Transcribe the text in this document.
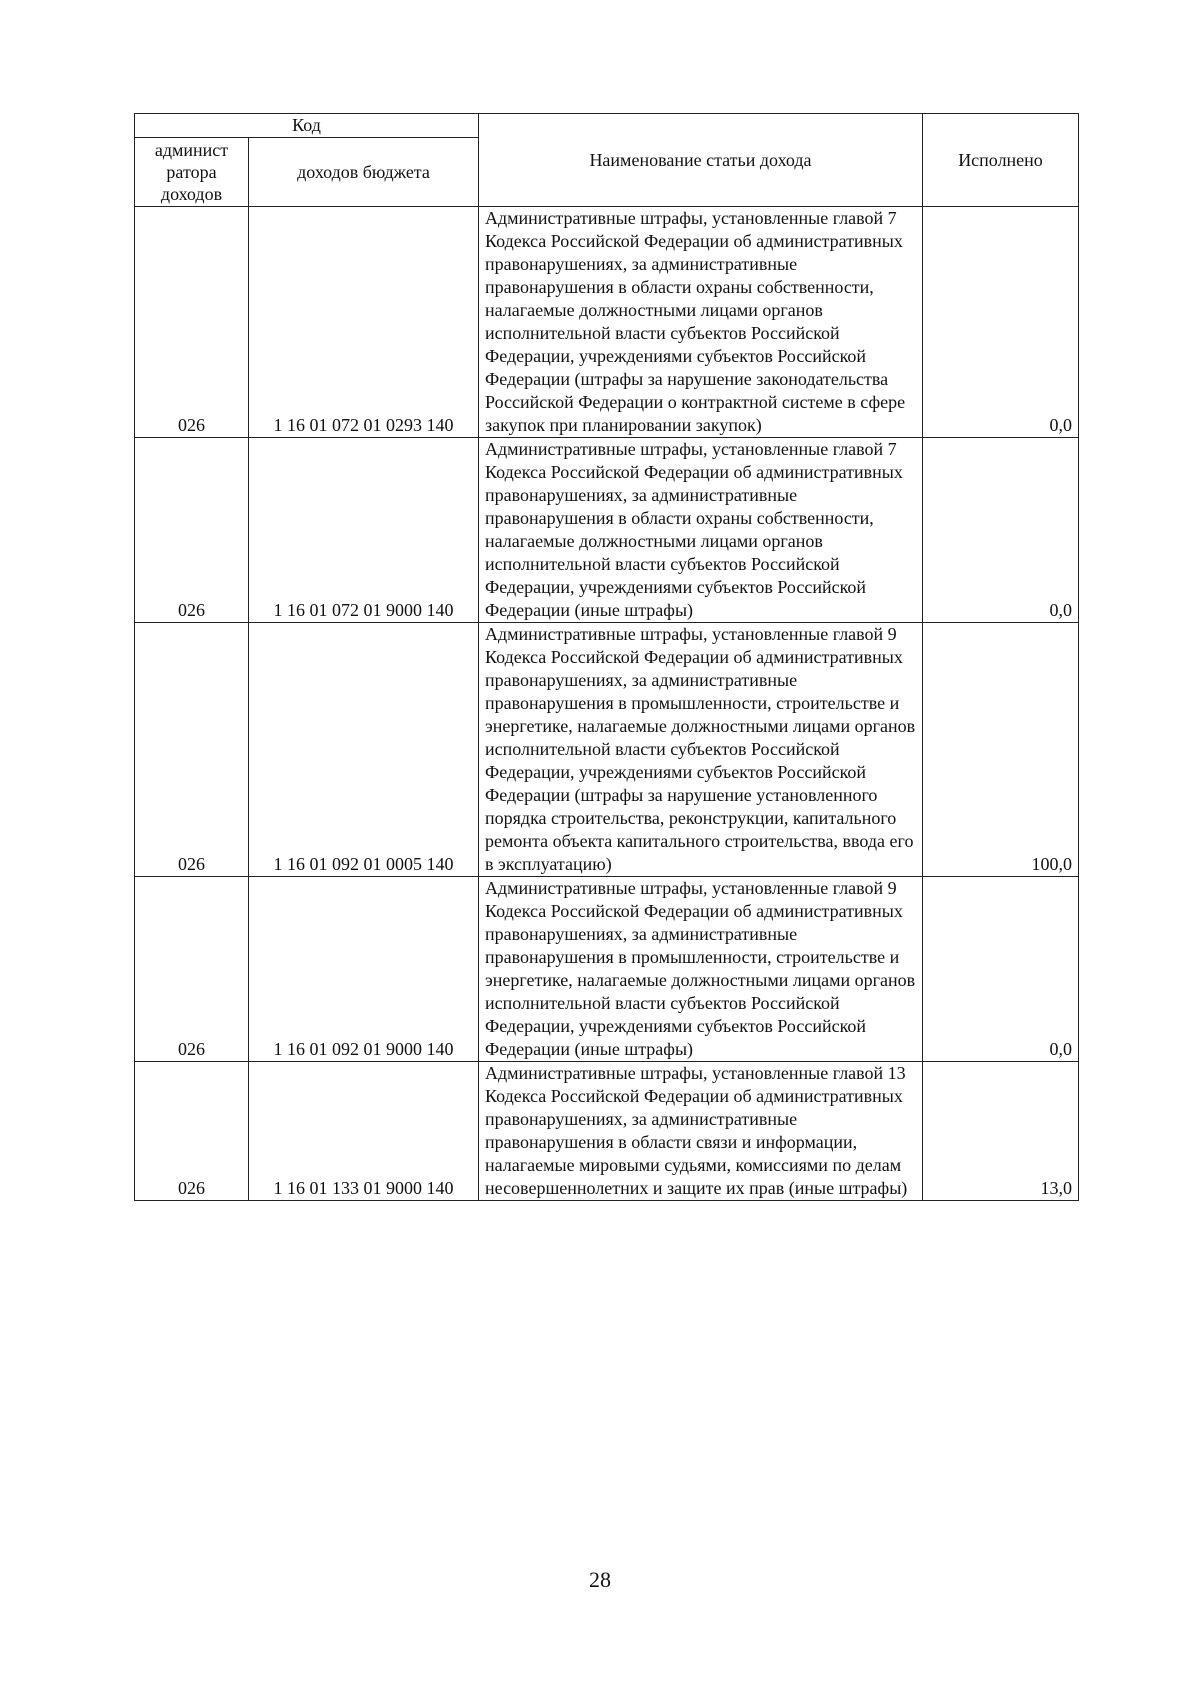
Код		Наименование статьи дохода	Исполнено
админист
ратора
доходов	доходов бюджета		
026	1 16 01 072 01 0293 140	Административные штрафы, установленные главой 7 Кодекса Российской Федерации об административных правонарушениях, за административные правонарушения в области охраны собственности, налагаемые должностными лицами органов исполнительной власти субъектов Российской Федерации, учреждениями субъектов Российской Федерации (штрафы за нарушение законодательства Российской Федерации о контрактной системе в сфере закупок при планировании закупок)	0,0
026	1 16 01 072 01 9000 140	Административные штрафы, установленные главой 7 Кодекса Российской Федерации об административных правонарушениях, за административные правонарушения в области охраны собственности, налагаемые должностными лицами органов исполнительной власти субъектов Российской Федерации, учреждениями субъектов Российской Федерации (иные штрафы)	0,0
026	1 16 01 092 01 0005 140	Административные штрафы, установленные главой 9 Кодекса Российской Федерации об административных правонарушениях, за административные правонарушения в промышленности, строительстве и энергетике, налагаемые должностными лицами органов исполнительной власти субъектов Российской Федерации, учреждениями субъектов Российской Федерации (штрафы за нарушение установленного порядка строительства, реконструкции, капитального ремонта объекта капитального строительства, ввода его в эксплуатацию)	100,0
026	1 16 01 092 01 9000 140	Административные штрафы, установленные главой 9 Кодекса Российской Федерации об административных правонарушениях, за административные правонарушения в промышленности, строительстве и энергетике, налагаемые должностными лицами органов исполнительной власти субъектов Российской Федерации, учреждениями субъектов Российской Федерации (иные штрафы)	0,0
026	1 16 01 133 01 9000 140	Административные штрафы, установленные главой 13 Кодекса Российской Федерации об административных правонарушениях, за административные правонарушения в области связи и информации, налагаемые мировыми судьями, комиссиями по делам несовершеннолетних и защите их прав (иные штрафы)	13,0
28
